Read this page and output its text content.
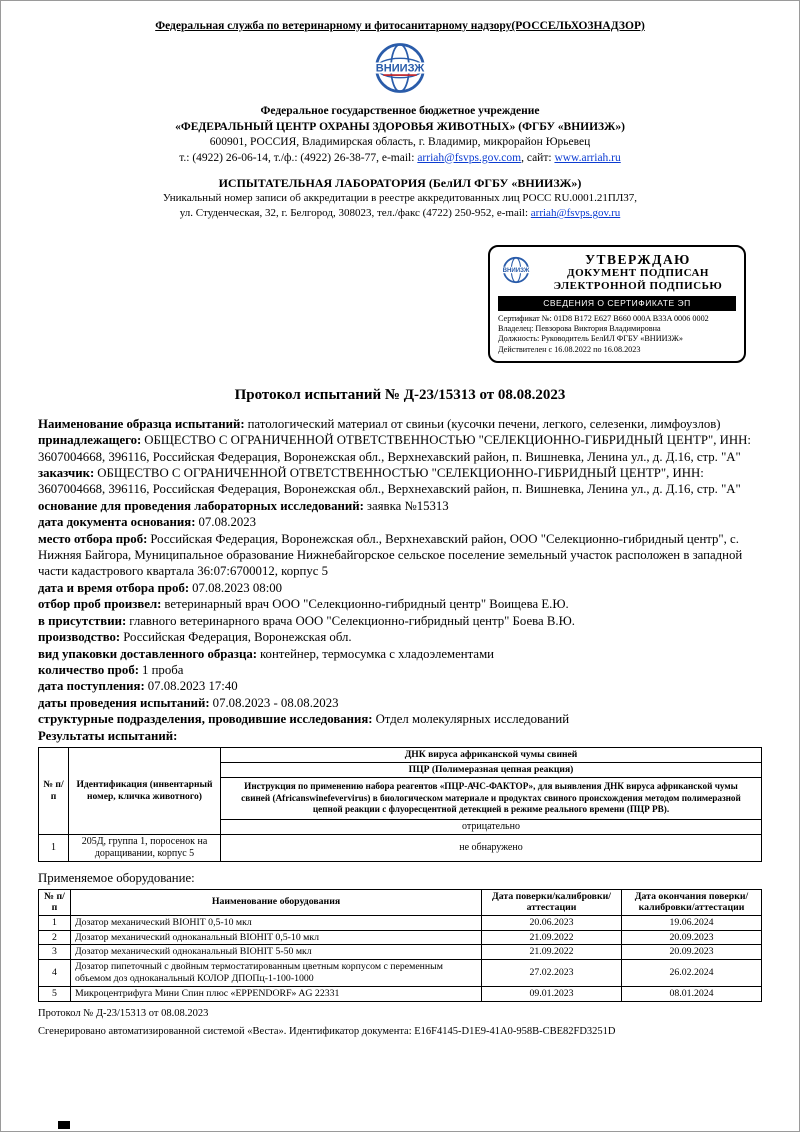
Федеральная служба по ветеринарному и фитосанитарному надзору(РОССЕЛЬХОЗНАДЗОР)
ВНИИЗЖ
Федеральное государственное бюджетное учреждение
«ФЕДЕРАЛЬНЫЙ ЦЕНТР ОХРАНЫ ЗДОРОВЬЯ ЖИВОТНЫХ» (ФГБУ «ВНИИЗЖ»)
600901, РОССИЯ, Владимирская область, г. Владимир, микрорайон Юрьевец
т.: (4922) 26-06-14, т./ф.: (4922) 26-38-77, e-mail: arriah@fsvps.gov.com, сайт: www.arriah.ru
ИСПЫТАТЕЛЬНАЯ ЛАБОРАТОРИЯ (БелИЛ ФГБУ «ВНИИЗЖ»)
Уникальный номер записи об аккредитации в реестре аккредитованных лиц РОСС RU.0001.21ПЛ37,
ул. Студенческая, 32, г. Белгород, 308023, тел./факс (4722) 250-952, e-mail: arriah@fsvps.gov.ru
ВНИИЗЖ
УТВЕРЖДАЮ
ДОКУМЕНТ ПОДПИСАН
ЭЛЕКТРОННОЙ ПОДПИСЬЮ
СВЕДЕНИЯ О СЕРТИФИКАТЕ ЭП
Сертификат №: 01D8 B172 E627 B660 000A B33A 0006 0002
Владелец: Певзорова Виктория Владимировна
Должность: Руководитель БелИЛ ФГБУ «ВНИИЗЖ»
Действителен с 16.08.2022 по 16.08.2023
Протокол испытаний № Д-23/15313 от 08.08.2023

Наименование образца испытаний: патологический материал от свиньи (кусочки печени, легкого, селезенки, лимфоузлов)

принадлежащего: ОБЩЕСТВО С ОГРАНИЧЕННОЙ ОТВЕТСТВЕННОСТЬЮ "СЕЛЕКЦИОННО-ГИБРИДНЫЙ ЦЕНТР", ИНН: 3607004668, 396116, Российская Федерация, Воронежская обл., Верхнехавский район, п. Вишневка, Ленина ул., д. Д.16, стр. "А"

заказчик: ОБЩЕСТВО С ОГРАНИЧЕННОЙ ОТВЕТСТВЕННОСТЬЮ "СЕЛЕКЦИОННО-ГИБРИДНЫЙ ЦЕНТР", ИНН: 3607004668, 396116, Российская Федерация, Воронежская обл., Верхнехавский район, п. Вишневка, Ленина ул., д. Д.16, стр. "А"

основание для проведения лабораторных исследований: заявка №15313

дата документа основания: 07.08.2023

место отбора проб: Российская Федерация, Воронежская обл., Верхнехавский район, ООО "Селекционно-гибридный центр", с. Нижняя Байгора, Муниципальное образование Нижнебайгорское сельское поселение земельный участок расположен в западной части кадастрового квартала 36:07:6700012, корпус 5

дата и время отбора проб: 07.08.2023 08:00

отбор проб произвел: ветеринарный врач ООО "Селекционно-гибридный центр" Воищева Е.Ю.

в присутствии: главного ветеринарного врача ООО "Селекционно-гибридный центр" Боева В.Ю.

производство: Российская Федерация, Воронежская обл.

вид упаковки доставленного образца: контейнер, термосумка с хладоэлементами

количество проб: 1 проба

дата поступления: 07.08.2023 17:40

даты проведения испытаний: 07.08.2023 - 08.08.2023

структурные подразделения, проводившие исследования: Отдел молекулярных исследований

Результаты испытаний:

№ п/п	Идентификация (инвентарный номер, кличка животного)	ДНК вируса африканской чумы свиней
		ПЦР (Полимеразная цепная реакция)
		Инструкция по применению набора реагентов «ПЦР-АЧС-ФАКТОР», для выявления ДНК вируса африканской чумы свиней (Africanswinefevervirus) в биологическом материале и продуктах свиного происхождения методом полимеразной цепной реакции с флуоресцентной детекцией в режиме реального времени (ПЦР РВ).
		отрицательно
1	205Д, группа 1, поросенок на доращивании, корпус 5	не обнаружено
Применяемое оборудование:
№ п/п	Наименование оборудования	Дата поверки/калибровки/аттестации	Дата окончания поверки/калибровки/аттестации
1	Дозатор механический ВIОНIТ 0,5-10 мкл	20.06.2023	19.06.2024
2	Дозатор механический одноканальный ВIОНIТ 0,5-10 мкл	21.09.2022	20.09.2023
3	Дозатор механический одноканальный ВIОНIТ 5-50 мкл	21.09.2022	20.09.2023
4	Дозатор пипеточный с двойным термостатированным цветным корпусом с переменным объемом доз одноканальный КОЛОР ДПОПц-1-100-1000	27.02.2023	26.02.2024
5	Микроцентрифуга Мини Спин плюс «EPPENDORF» AG 22331	09.01.2023	08.01.2024
Протокол № Д-23/15313 от 08.08.2023
Сгенерировано автоматизированной системой «Веста». Идентификатор документа: E16F4145-D1E9-41A0-958B-CBE82FD3251D
